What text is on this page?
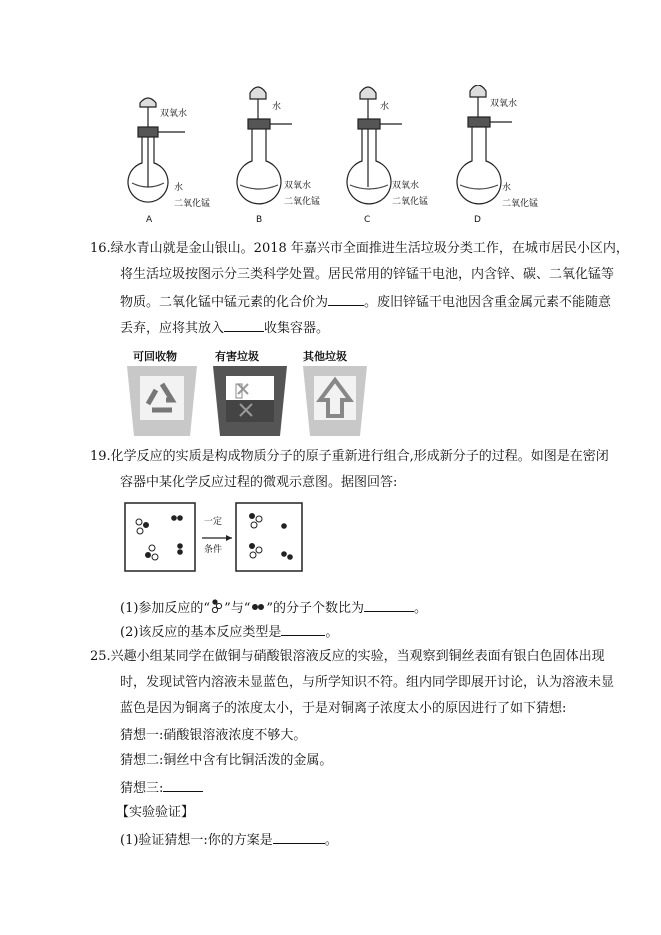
双氧水
水
二氧化锰
水
双氧水
二氧化锰
水
双氧水
二氧化锰
双氧水
水
二氧化锰
A	B	C	D
16.绿水青山就是金山银山。2018 年嘉兴市全面推进生活垃圾分类工作，在城市居民小区内，
将生活垃圾按图示分三类科学处置。居民常用的锌锰干电池，内含锌、碳、二氧化锰等
物质。二氧化锰中锰元素的化合价为	。废旧锌锰干电池因含重金属元素不能随意
丢弃，应将其放入	收集容器。
可回收物	有害垃圾	其他垃圾
19.化学反应的实质是构成物质分子的原子重新进行组合,形成新分子的过程。如图是在密闭
容器中某化学反应过程的微观示意图。据图回答:
一定
条件
(1)参加反应的“ ”与“ ”的分子个数比为	。
(2)该反应的基本反应类型是	。
25.兴趣小组某同学在做铜与硝酸银溶液反应的实验，当观察到铜丝表面有银白色固体出现
时，发现试管内溶液未显蓝色，与所学知识不符。组内同学即展开讨论，认为溶液未显
蓝色是因为铜离子的浓度太小，于是对铜离子浓度太小的原因进行了如下猜想:
猜想一:硝酸银溶液浓度不够大。
猜想二:铜丝中含有比铜活泼的金属。
猜想三:
【实验验证】
(1)验证猜想一:你的方案是	。
